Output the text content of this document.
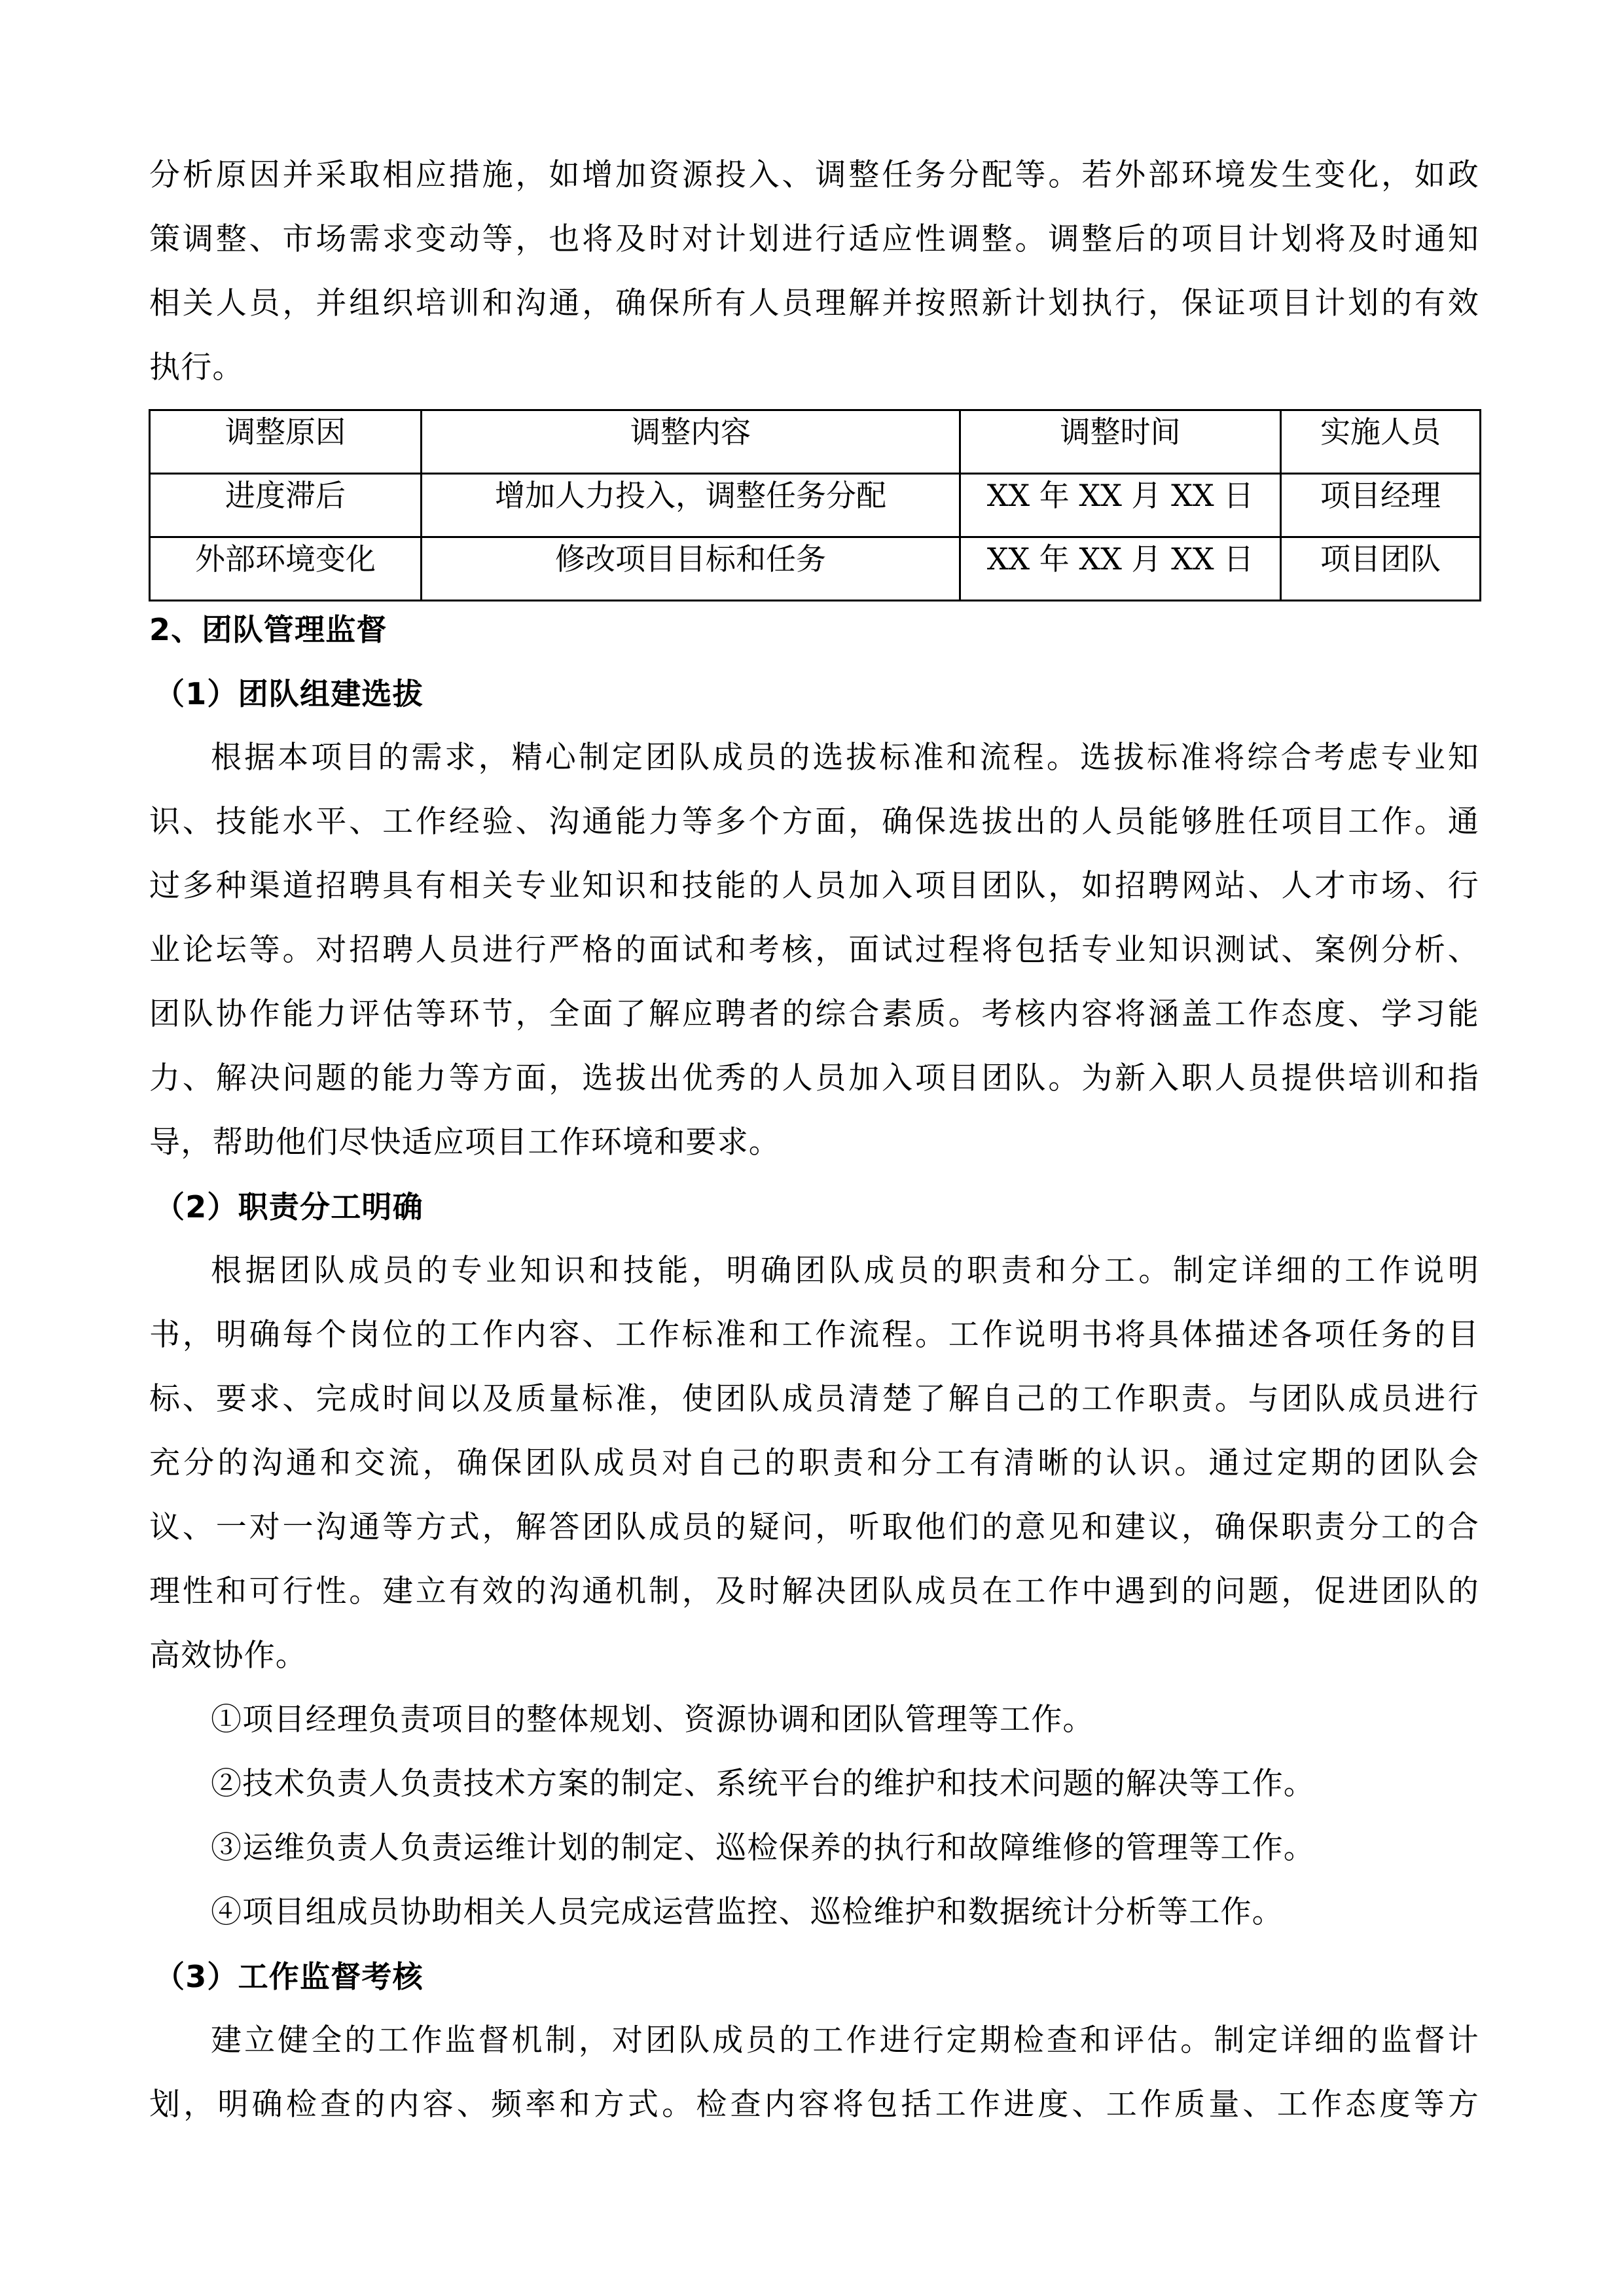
分析原因并采取相应措施，如增加资源投入、调整任务分配等。若外部环境发生变化，如政
策调整、市场需求变动等，也将及时对计划进行适应性调整。调整后的项目计划将及时通知
相关人员，并组织培训和沟通，确保所有人员理解并按照新计划执行，保证项目计划的有效
执行。
调整原因	调整内容	调整时间	实施人员
进度滞后	增加人力投入，调整任务分配	XX 年 XX 月 XX 日	项目经理
外部环境变化	修改项目目标和任务	XX 年 XX 月 XX 日	项目团队
2、团队管理监督
（1）团队组建选拔
根据本项目的需求，精心制定团队成员的选拔标准和流程。选拔标准将综合考虑专业知
识、技能水平、工作经验、沟通能力等多个方面，确保选拔出的人员能够胜任项目工作。通
过多种渠道招聘具有相关专业知识和技能的人员加入项目团队，如招聘网站、人才市场、行
业论坛等。对招聘人员进行严格的面试和考核，面试过程将包括专业知识测试、案例分析、
团队协作能力评估等环节，全面了解应聘者的综合素质。考核内容将涵盖工作态度、学习能
力、解决问题的能力等方面，选拔出优秀的人员加入项目团队。为新入职人员提供培训和指
导，帮助他们尽快适应项目工作环境和要求。
（2）职责分工明确
根据团队成员的专业知识和技能，明确团队成员的职责和分工。制定详细的工作说明
书，明确每个岗位的工作内容、工作标准和工作流程。工作说明书将具体描述各项任务的目
标、要求、完成时间以及质量标准，使团队成员清楚了解自己的工作职责。与团队成员进行
充分的沟通和交流，确保团队成员对自己的职责和分工有清晰的认识。通过定期的团队会
议、一对一沟通等方式，解答团队成员的疑问，听取他们的意见和建议，确保职责分工的合
理性和可行性。建立有效的沟通机制，及时解决团队成员在工作中遇到的问题，促进团队的
高效协作。
①项目经理负责项目的整体规划、资源协调和团队管理等工作。
②技术负责人负责技术方案的制定、系统平台的维护和技术问题的解决等工作。
③运维负责人负责运维计划的制定、巡检保养的执行和故障维修的管理等工作。
④项目组成员协助相关人员完成运营监控、巡检维护和数据统计分析等工作。
（3）工作监督考核
建立健全的工作监督机制，对团队成员的工作进行定期检查和评估。制定详细的监督计
划，明确检查的内容、频率和方式。检查内容将包括工作进度、工作质量、工作态度等方
